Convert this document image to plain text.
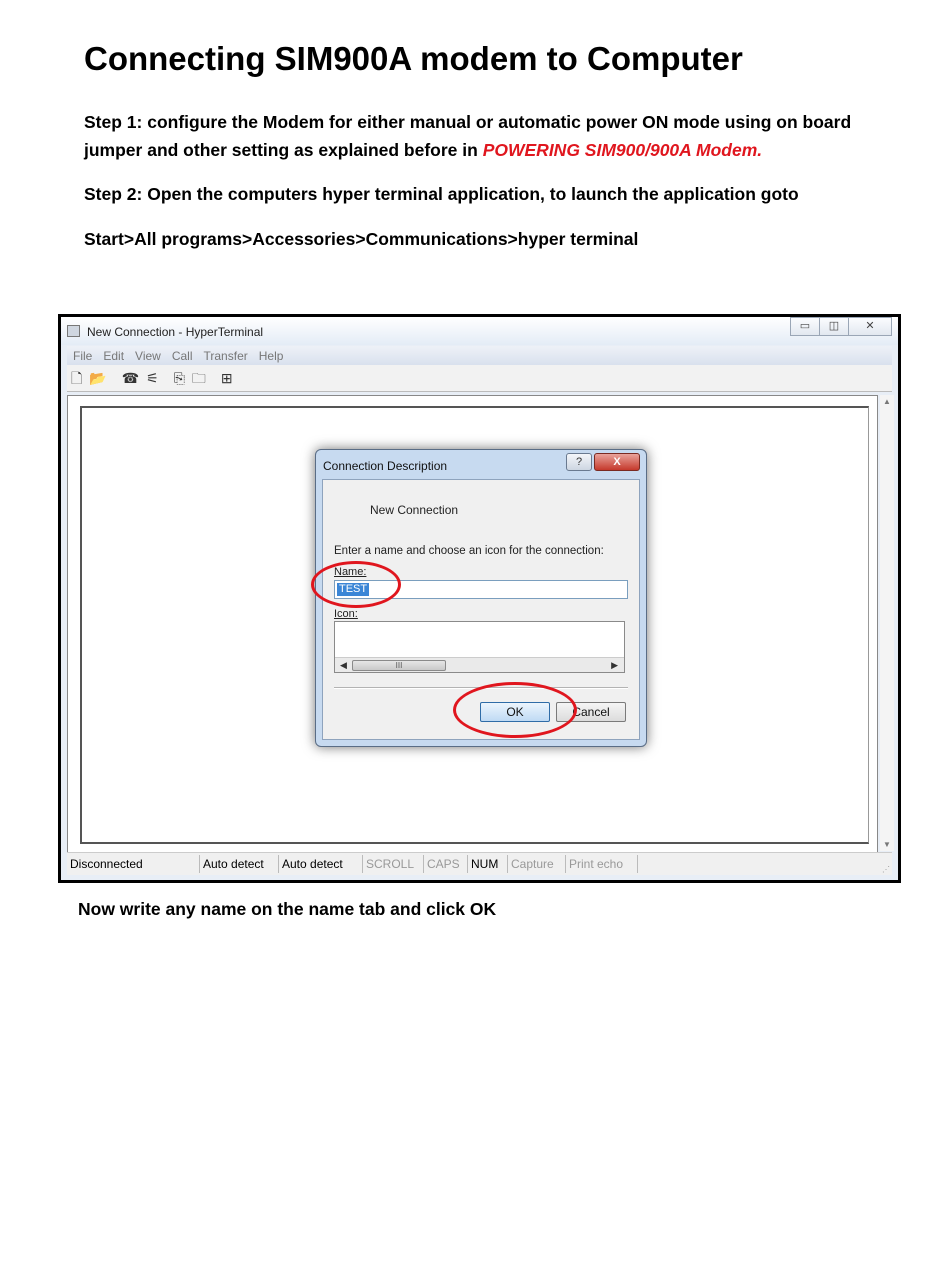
Connecting SIM900A modem to Computer

Step 1: configure the Modem for either manual or automatic power ON mode using on board
jumper and other setting as explained before in POWERING SIM900/900A Modem.

Step 2: Open the computers hyper terminal application, to launch the application goto

Start>All programs>Accessories>Communications>hyper terminal

New Connection - HyperTerminal	▭	◫	✕
File Edit View Call Transfer Help
🗋 📂 ☎ ⚟ ⎘ 🗀 ⊞
▲
▼
Disconnected	Auto detect	Auto detect	SCROLL	CAPS NUM	Capture	Print echo	⋰
Connection Description	?	X
New Connection
Enter a name and choose an icon for the connection:
Name:
TEST
Icon:
◀	III	▶
OK	Cancel

Now write any name on the name tab and click OK
